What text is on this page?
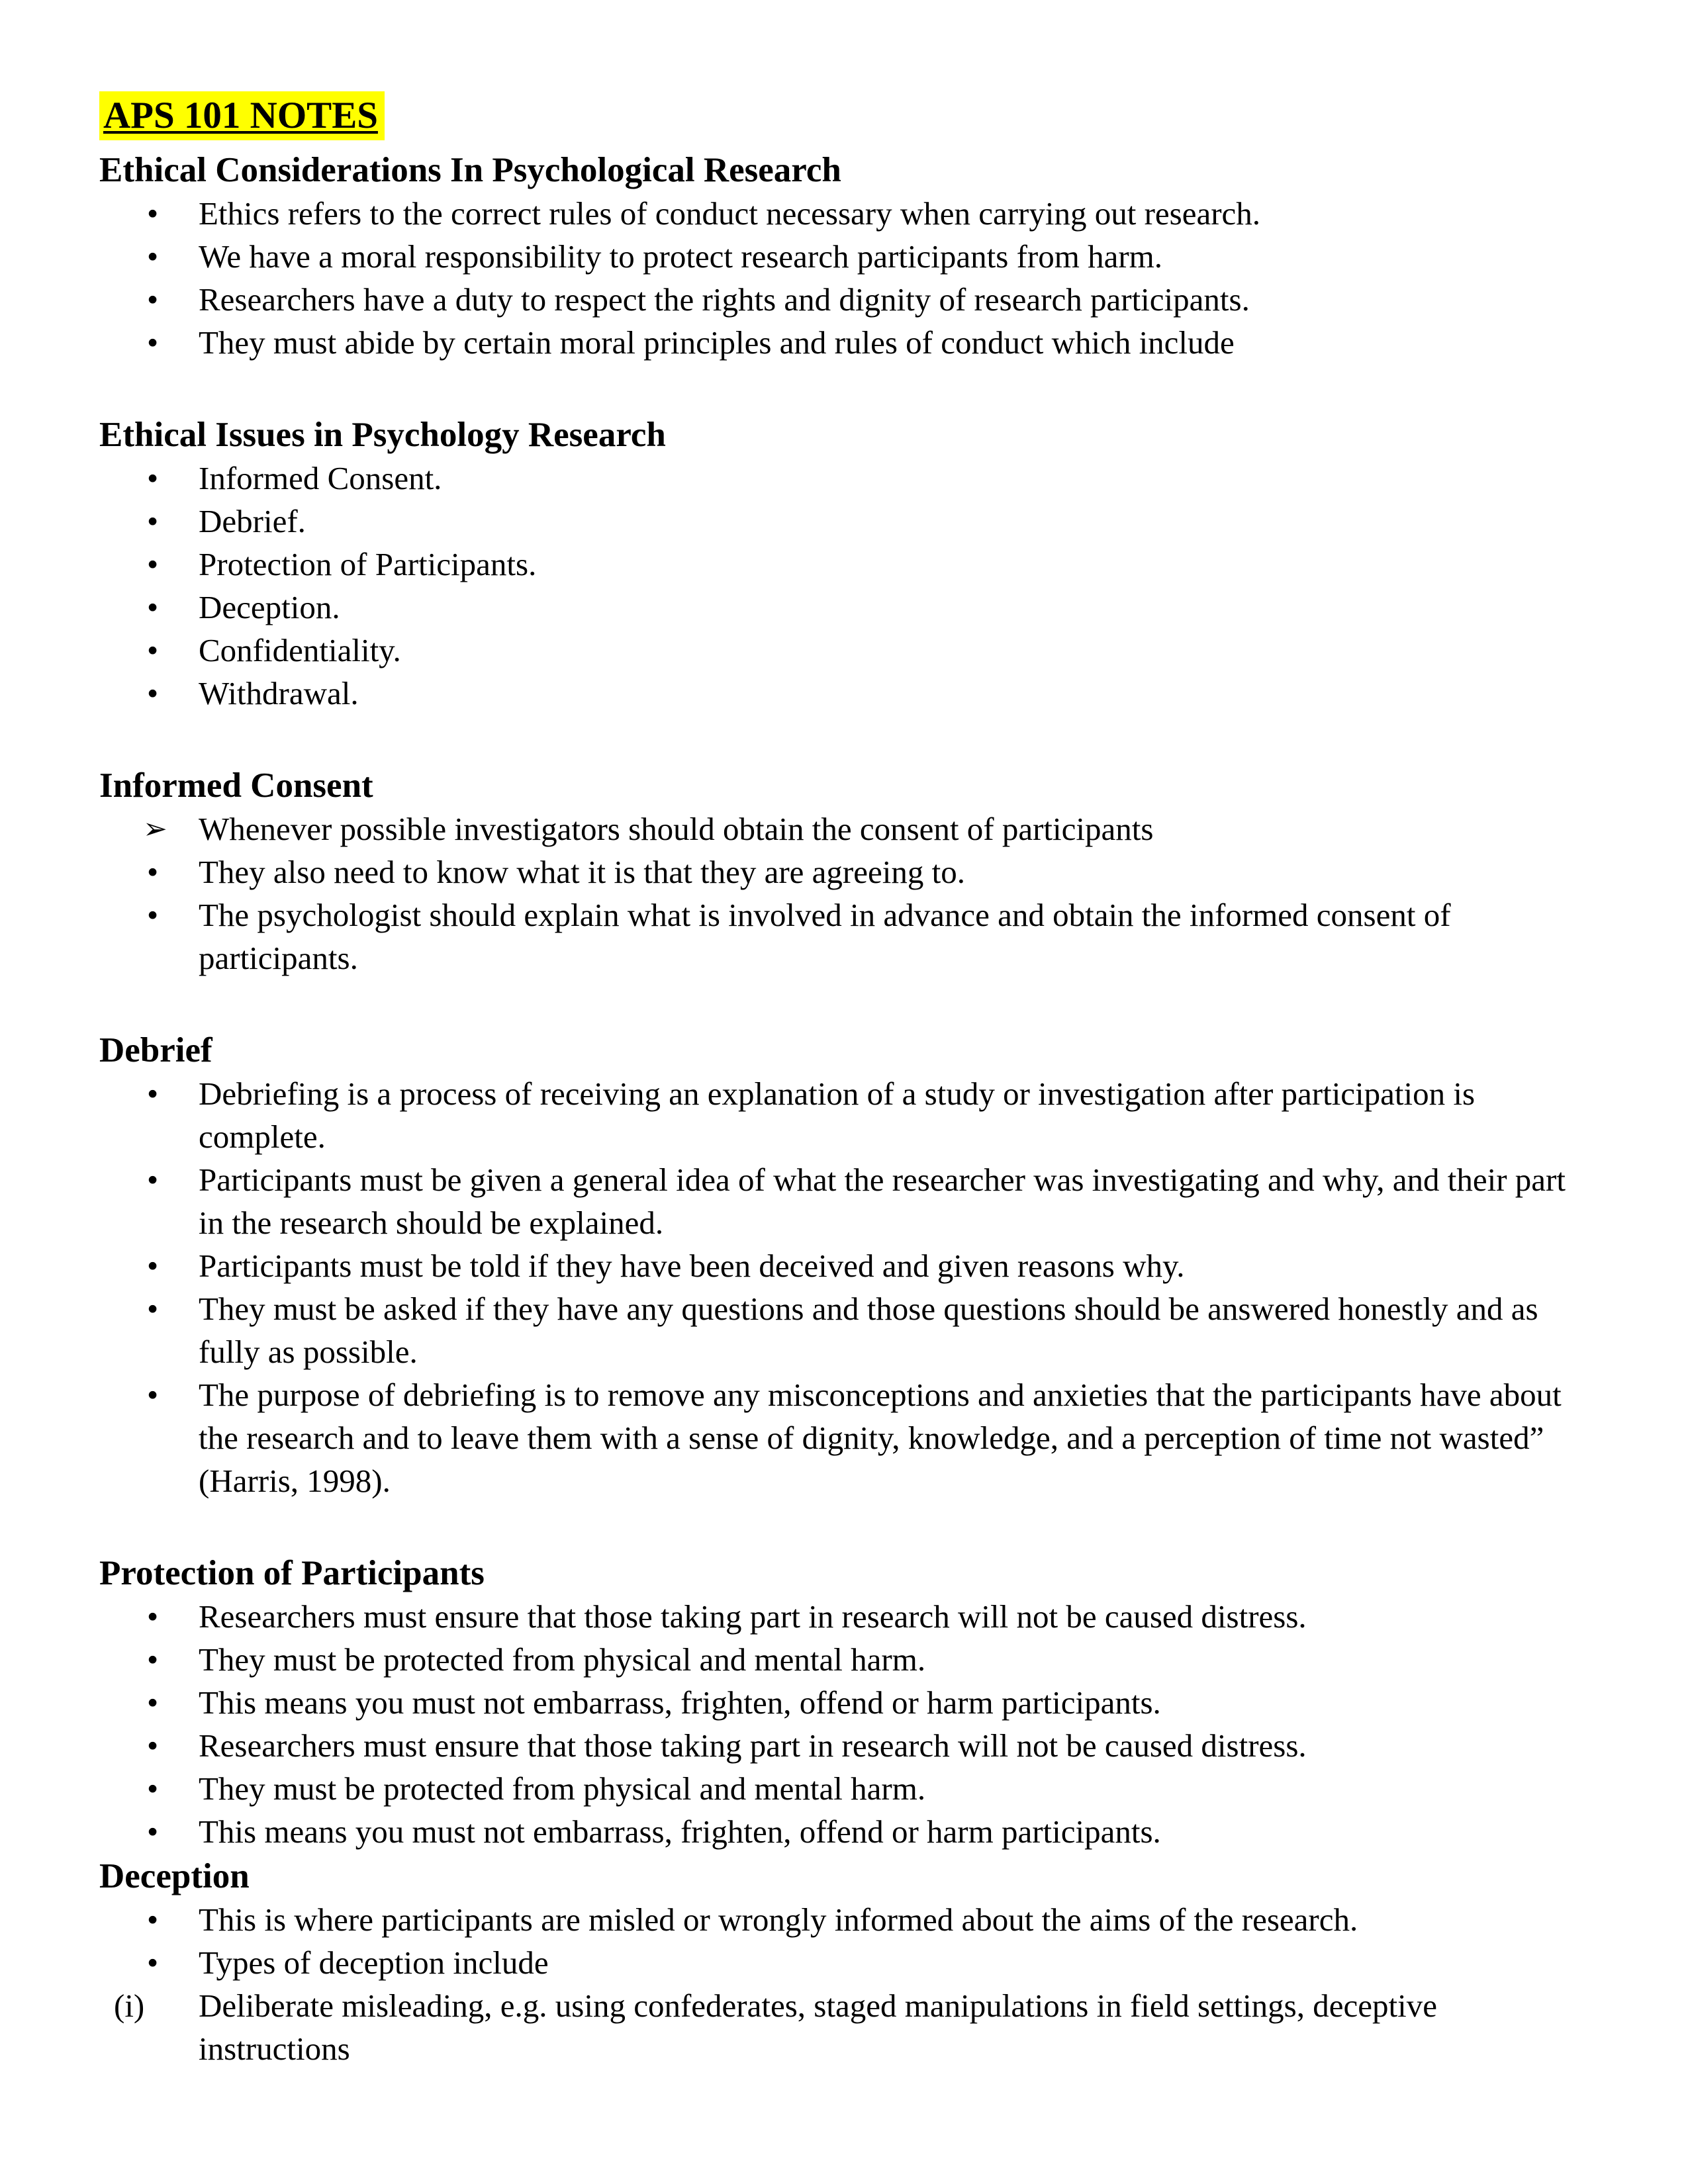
APS 101 NOTES
Ethical Considerations In Psychological Research
•	Ethics refers to the correct rules of conduct necessary when carrying out research.
•	We have a moral responsibility to protect research participants from harm.
•	Researchers have a duty to respect the rights and dignity of research participants.
•	They must abide by certain moral principles and rules of conduct which include
Ethical Issues in Psychology Research
•	Informed Consent.
•	Debrief.
•	Protection of Participants.
•	Deception.
•	Confidentiality.
•	Withdrawal.
Informed Consent
➢ Whenever possible investigators should obtain the consent of participants
•	They also need to know what it is that they are agreeing to.
•	The psychologist should explain what is involved in advance and obtain the informed consent of participants.
Debrief
•	Debriefing is a process of receiving an explanation of a study or investigation after participation is complete.
•	Participants must be given a general idea of what the researcher was investigating and why, and their part in the research should be explained.
•	Participants must be told if they have been deceived and given reasons why.
•	They must be asked if they have any questions and those questions should be answered honestly and as fully as possible.
•	The purpose of debriefing is to remove any misconceptions and anxieties that the participants have about the research and to leave them with a sense of dignity, knowledge, and a perception of time not wasted” (Harris, 1998).
Protection of Participants
•	Researchers must ensure that those taking part in research will not be caused distress.
•	They must be protected from physical and mental harm.
•	This means you must not embarrass, frighten, offend or harm participants.
•	Researchers must ensure that those taking part in research will not be caused distress.
•	They must be protected from physical and mental harm.
•	This means you must not embarrass, frighten, offend or harm participants.
Deception
•	This is where participants are misled or wrongly informed about the aims of the research.
•	Types of deception include
(i)	Deliberate misleading, e.g. using confederates, staged manipulations in field settings, deceptive instructions
